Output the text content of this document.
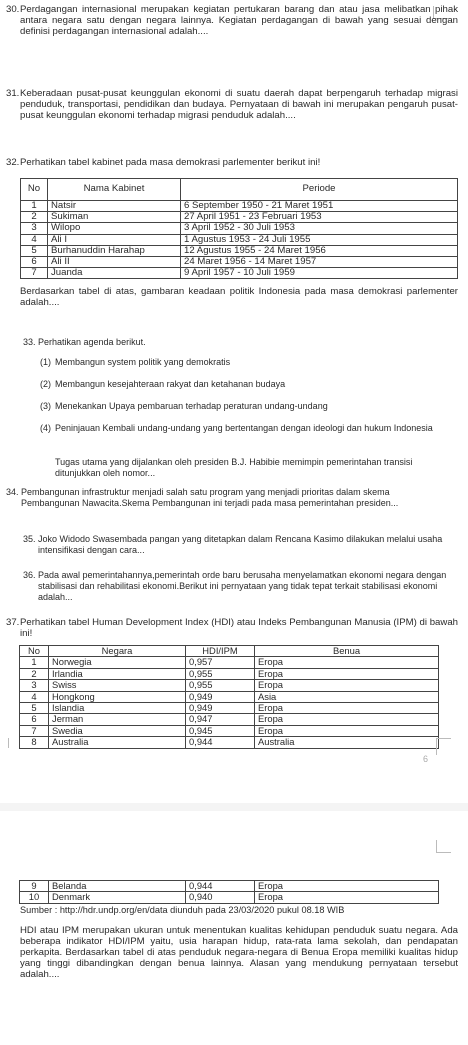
30. Perdagangan internasional merupakan kegiatan pertukaran barang dan atau jasa melibatkan pihak antara negara satu dengan negara lainnya. Kegiatan perdagangan di bawah yang sesuai dengan definisi perdagangan internasional adalah....
31. Keberadaan pusat-pusat keunggulan ekonomi di suatu daerah dapat berpengaruh terhadap migrasi penduduk, transportasi, pendidikan dan budaya. Pernyataan di bawah ini merupakan pengaruh pusat-pusat keunggulan ekonomi terhadap migrasi penduduk adalah....
32. Perhatikan tabel kabinet pada masa demokrasi parlementer berikut ini!
No	Nama Kabinet	Periode
1	Natsir	6 September 1950 - 21 Maret 1951
2	Sukiman	27 April 1951 - 23 Februari 1953
3	Wilopo	3 April 1952 - 30 Juli 1953
4	Ali I	1 Agustus 1953 - 24 Juli 1955
5	Burhanuddin Harahap	12 Agustus 1955 - 24 Maret 1956
6	Ali II	24 Maret 1956 - 14 Maret 1957
7	Juanda	9 April 1957 - 10 Juli 1959
Berdasarkan tabel di atas, gambaran keadaan politik Indonesia pada masa demokrasi parlementer adalah....
33. Perhatikan agenda berikut.
(1) Membangun system politik yang demokratis
(2) Membangun kesejahteraan rakyat dan ketahanan budaya
(3) Menekankan Upaya pembaruan terhadap peraturan undang-undang
(4) Peninjauan Kembali undang-undang yang bertentangan dengan ideologi dan hukum Indonesia
Tugas utama yang dijalankan oleh presiden B.J. Habibie memimpin pemerintahan transisi ditunjukkan oleh nomor...
34. Pembangunan infrastruktur menjadi salah satu program yang menjadi prioritas dalam skema Pembangunan Nawacita.Skema Pembangunan ini terjadi pada masa pemerintahan presiden...
35. Joko Widodo Swasembada pangan yang ditetapkan dalam Rencana Kasimo dilakukan melalui usaha intensifikasi dengan cara...
36. Pada awal pemerintahannya,pemerintah orde baru berusaha menyelamatkan ekonomi negara dengan stabilisasi dan rehabilitasi ekonomi.Berikut ini pernyataan yang tidak tepat terkait stabilisasi ekonomi adalah...
37. Perhatikan tabel Human Development Index (HDI) atau Indeks Pembangunan Manusia (IPM) di bawah ini!
No	Negara	HDI/IPM	Benua
1	Norwegia	0,957	Eropa
2	Irlandia	0,955	Eropa
3	Swiss	0,955	Eropa
4	Hongkong	0,949	Asia
5	Islandia	0,949	Eropa
6	Jerman	0,947	Eropa
7	Swedia	0,945	Eropa
8	Australia	0,944	Australia
6
9	Belanda	0,944	Eropa
10	Denmark	0,940	Eropa
Sumber : http://hdr.undp.org/en/data diunduh pada 23/03/2020 pukul 08.18 WIB
HDI atau IPM merupakan ukuran untuk menentukan kualitas kehidupan penduduk suatu negara. Ada beberapa indikator HDI/IPM yaitu, usia harapan hidup, rata-rata lama sekolah, dan pendapatan perkapita. Berdasarkan tabel di atas penduduk negara-negara di Benua Eropa memiliki kualitas hidup yang tinggi dibandingkan dengan benua lainnya. Alasan yang mendukung pernyataan tersebut adalah....
